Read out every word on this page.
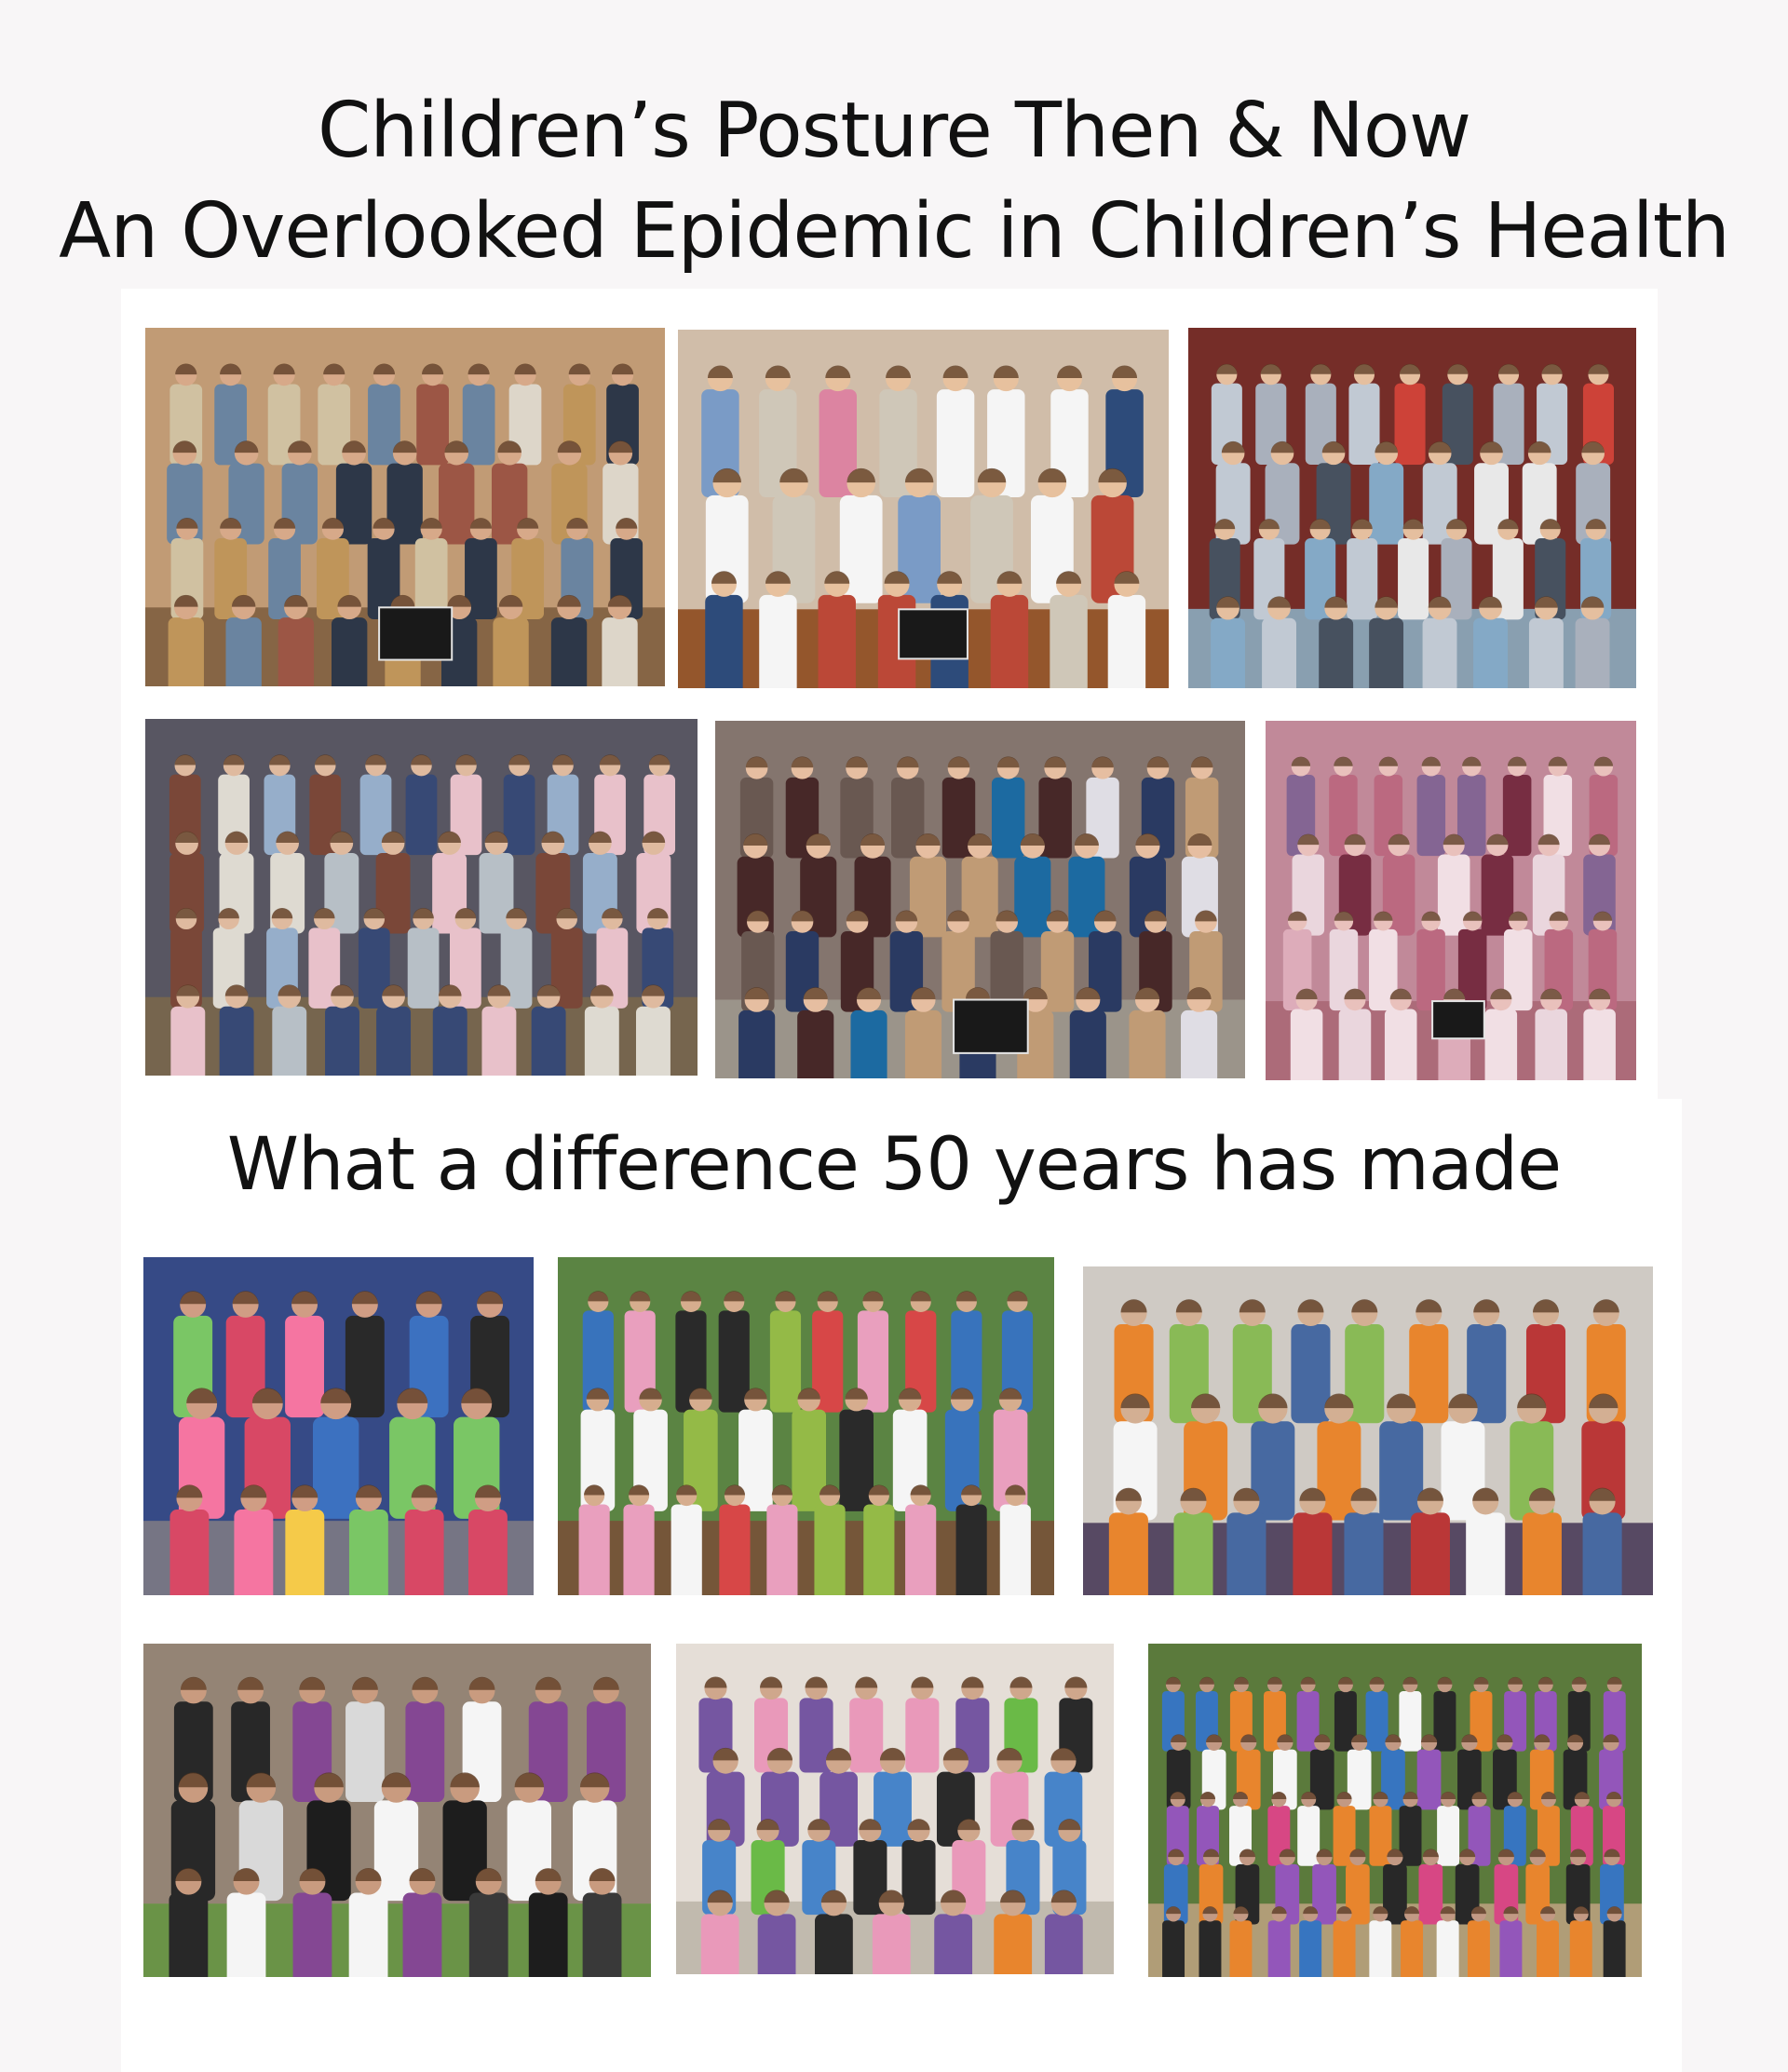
Children’s Posture Then & Now
An Overlooked Epidemic in Children’s Health
What a difference 50 years has made
